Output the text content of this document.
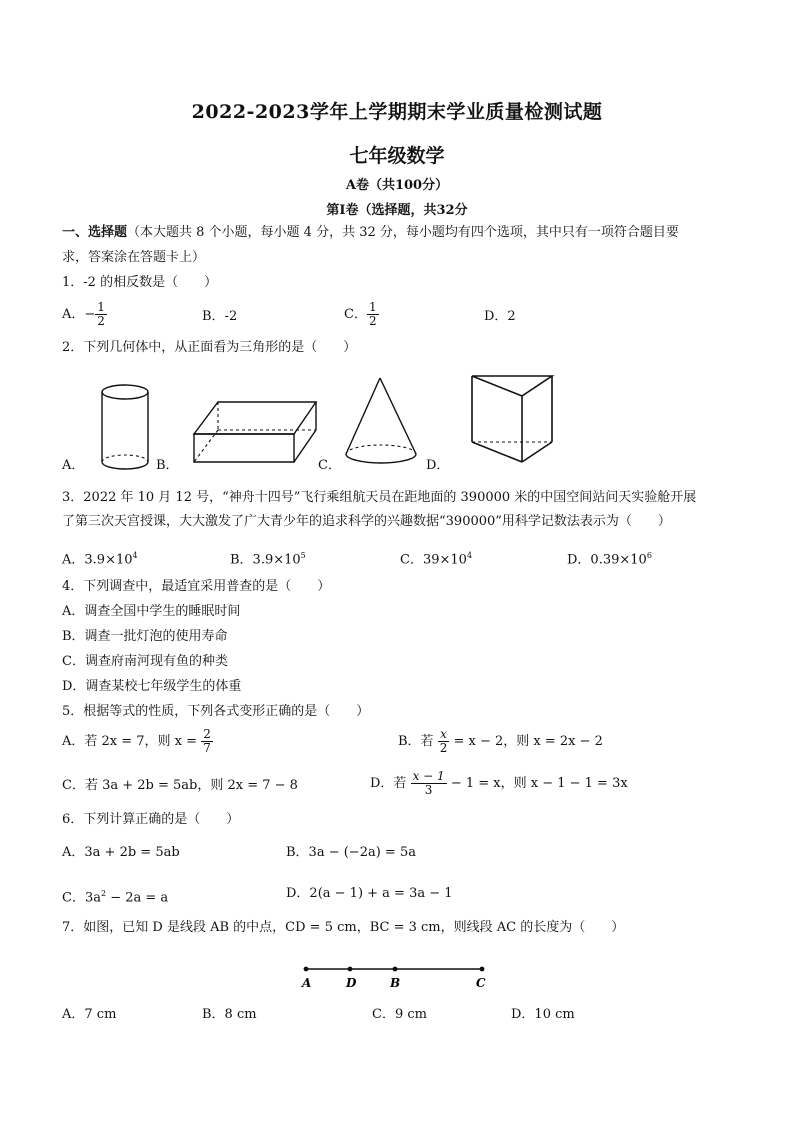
2022-2023学年上学期期末学业质量检测试题
七年级数学
A卷（共100分）
第I卷（选择题，共32分
一、选择题（本大题共 8 个小题，每小题 4 分，共 32 分，每小题均有四个选项，其中只有一项符合题目要
求，答案涂在答题卡上）
1．-2 的相反数是（　　）
A．− $\frac{1}{2}$	B．-2	C． $\frac{1}{2}$	D．2
2．下列几何体中，从正面看为三角形的是（　　）
A．	B．	C．	D．
3．2022 年 10 月 12 号，“神舟十四号”飞行乘组航天员在距地面的 390000 米的中国空间站问天实验舱开展
了第三次天宫授课，大大激发了广大青少年的追求科学的兴趣数据“390000”用科学记数法表示为（　　）
A．$3.9\times 10^4$	B．$3.9\times 10^5$	C．$39\times 10^4$	D．$0.39\times 10^6$
4．下列调查中，最适宜采用普查的是（　　）
A．调查全国中学生的睡眠时间
B．调查一批灯泡的使用寿命
C．调查府南河现有鱼的种类
D．调查某校七年级学生的体重
5．根据等式的性质，下列各式变形正确的是（　　）
A．若 2x = 7，则 $x = \frac{2}{7}$	B．若 $\frac{x}{2} = x - 2$，则 x = 2x − 2
C．若 3a + 2b = 5ab，则 2x = 7 − 8	D．若 $\frac{x - 1}{3} - 1 = x$，则 x − 1 − 1 = 3x
6．下列计算正确的是（　　）
A．3a + 2b = 5ab	B．3a − (−2a) = 5a
C．$3a^2 - 2a = a$	D．2(a − 1) + a = 3a − 1
7．如图，已知 D 是线段 AB 的中点，CD = 5 cm，BC = 3 cm，则线段 AC 的长度为（　　）
A	D	B	C
A．7 cm	B．8 cm	C．9 cm	D．10 cm
